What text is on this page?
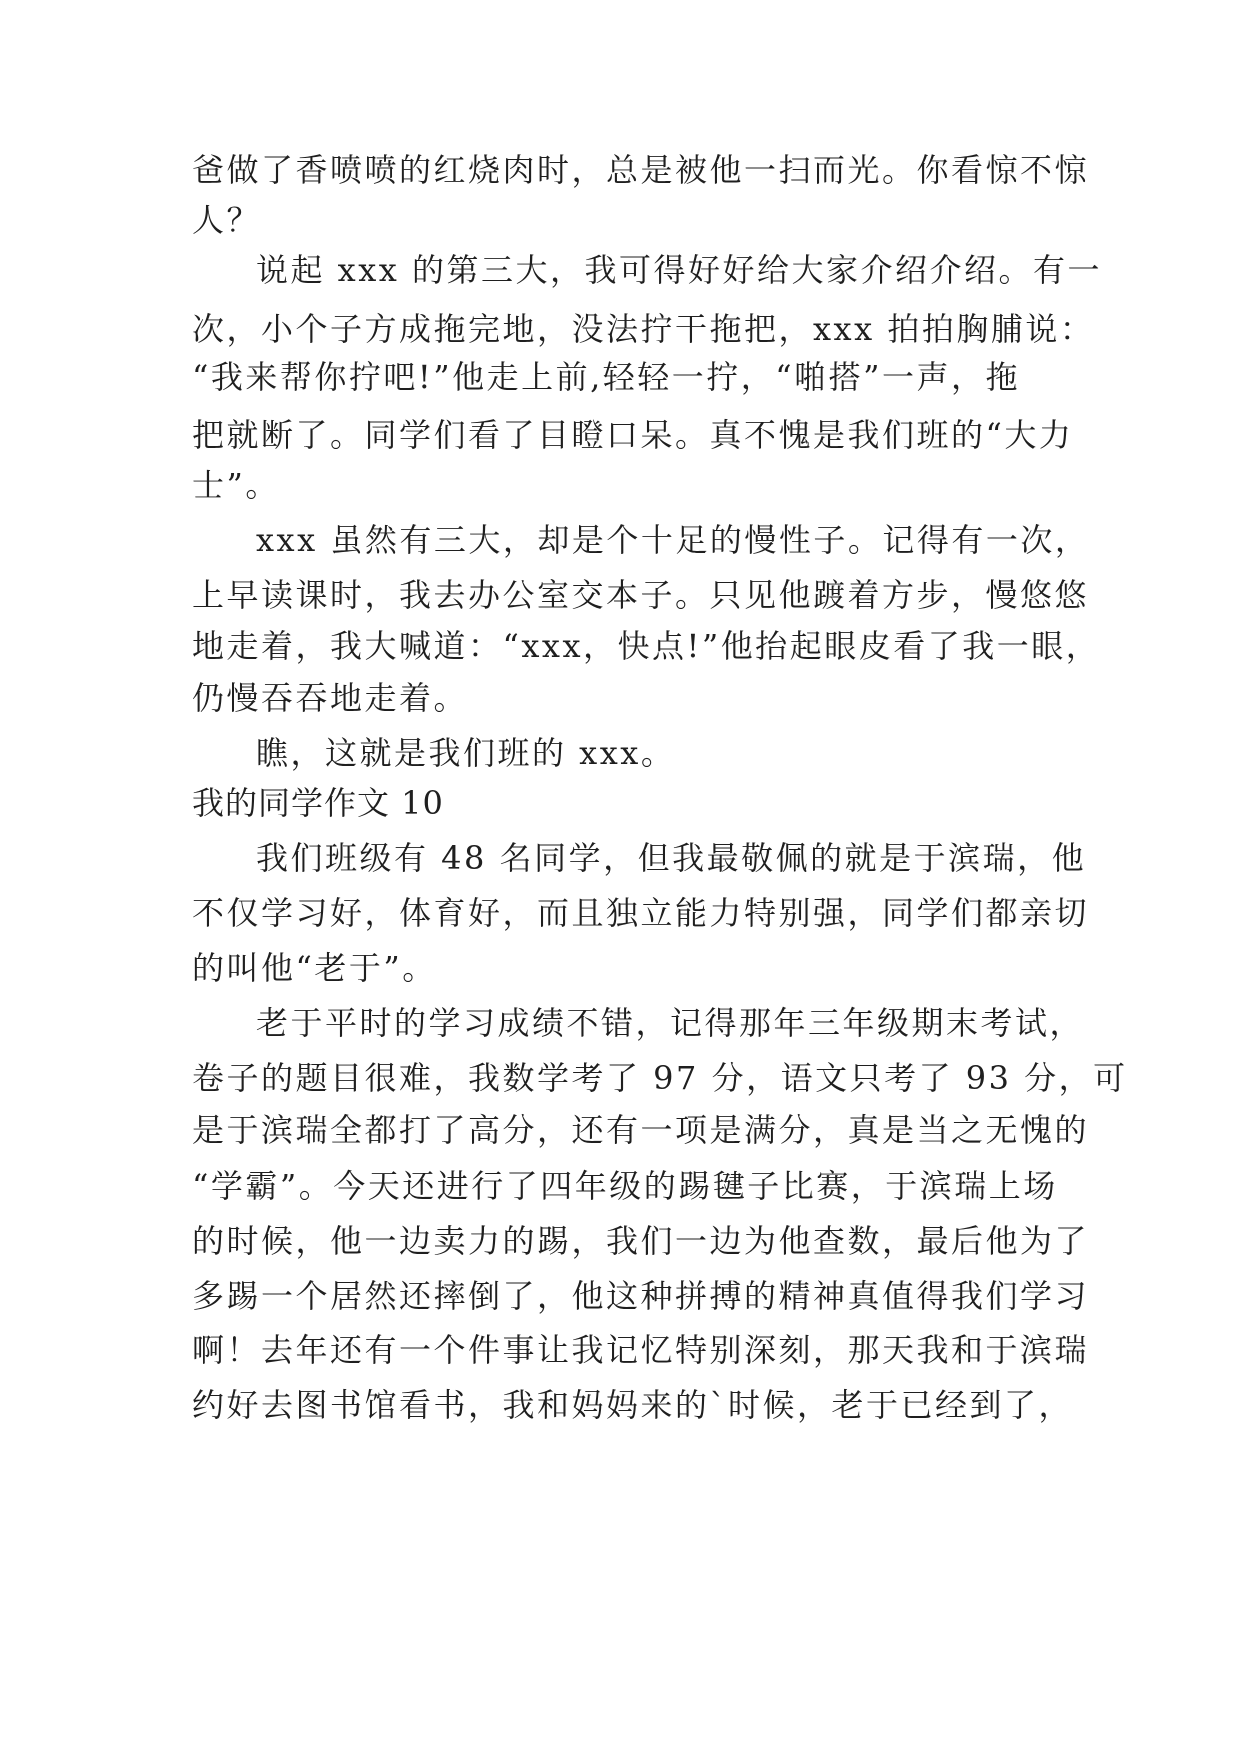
爸做了香喷喷的红烧肉时，总是被他一扫而光。你看惊不惊
人？
说起 xxx 的第三大，我可得好好给大家介绍介绍。有一
次，小个子方成拖完地，没法拧干拖把，xxx 拍拍胸脯说：
“我来帮你拧吧!”他走上前,轻轻一拧，“啪搭”一声，拖
把就断了。同学们看了目瞪口呆。真不愧是我们班的“大力
士”。
xxx 虽然有三大，却是个十足的慢性子。记得有一次，
上早读课时，我去办公室交本子。只见他踱着方步，慢悠悠
地走着，我大喊道：“xxx，快点!”他抬起眼皮看了我一眼，
仍慢吞吞地走着。
瞧，这就是我们班的 xxx。
我的同学作文 10
我们班级有 48 名同学，但我最敬佩的就是于滨瑞，他
不仅学习好，体育好，而且独立能力特别强，同学们都亲切
的叫他“老于”。
老于平时的学习成绩不错，记得那年三年级期末考试，
卷子的题目很难，我数学考了 97 分，语文只考了 93 分，可
是于滨瑞全都打了高分，还有一项是满分，真是当之无愧的
“学霸”。今天还进行了四年级的踢毽子比赛，于滨瑞上场
的时候，他一边卖力的踢，我们一边为他查数，最后他为了
多踢一个居然还摔倒了，他这种拼搏的精神真值得我们学习
啊！去年还有一个件事让我记忆特别深刻，那天我和于滨瑞
约好去图书馆看书，我和妈妈来的`时候，老于已经到了，
